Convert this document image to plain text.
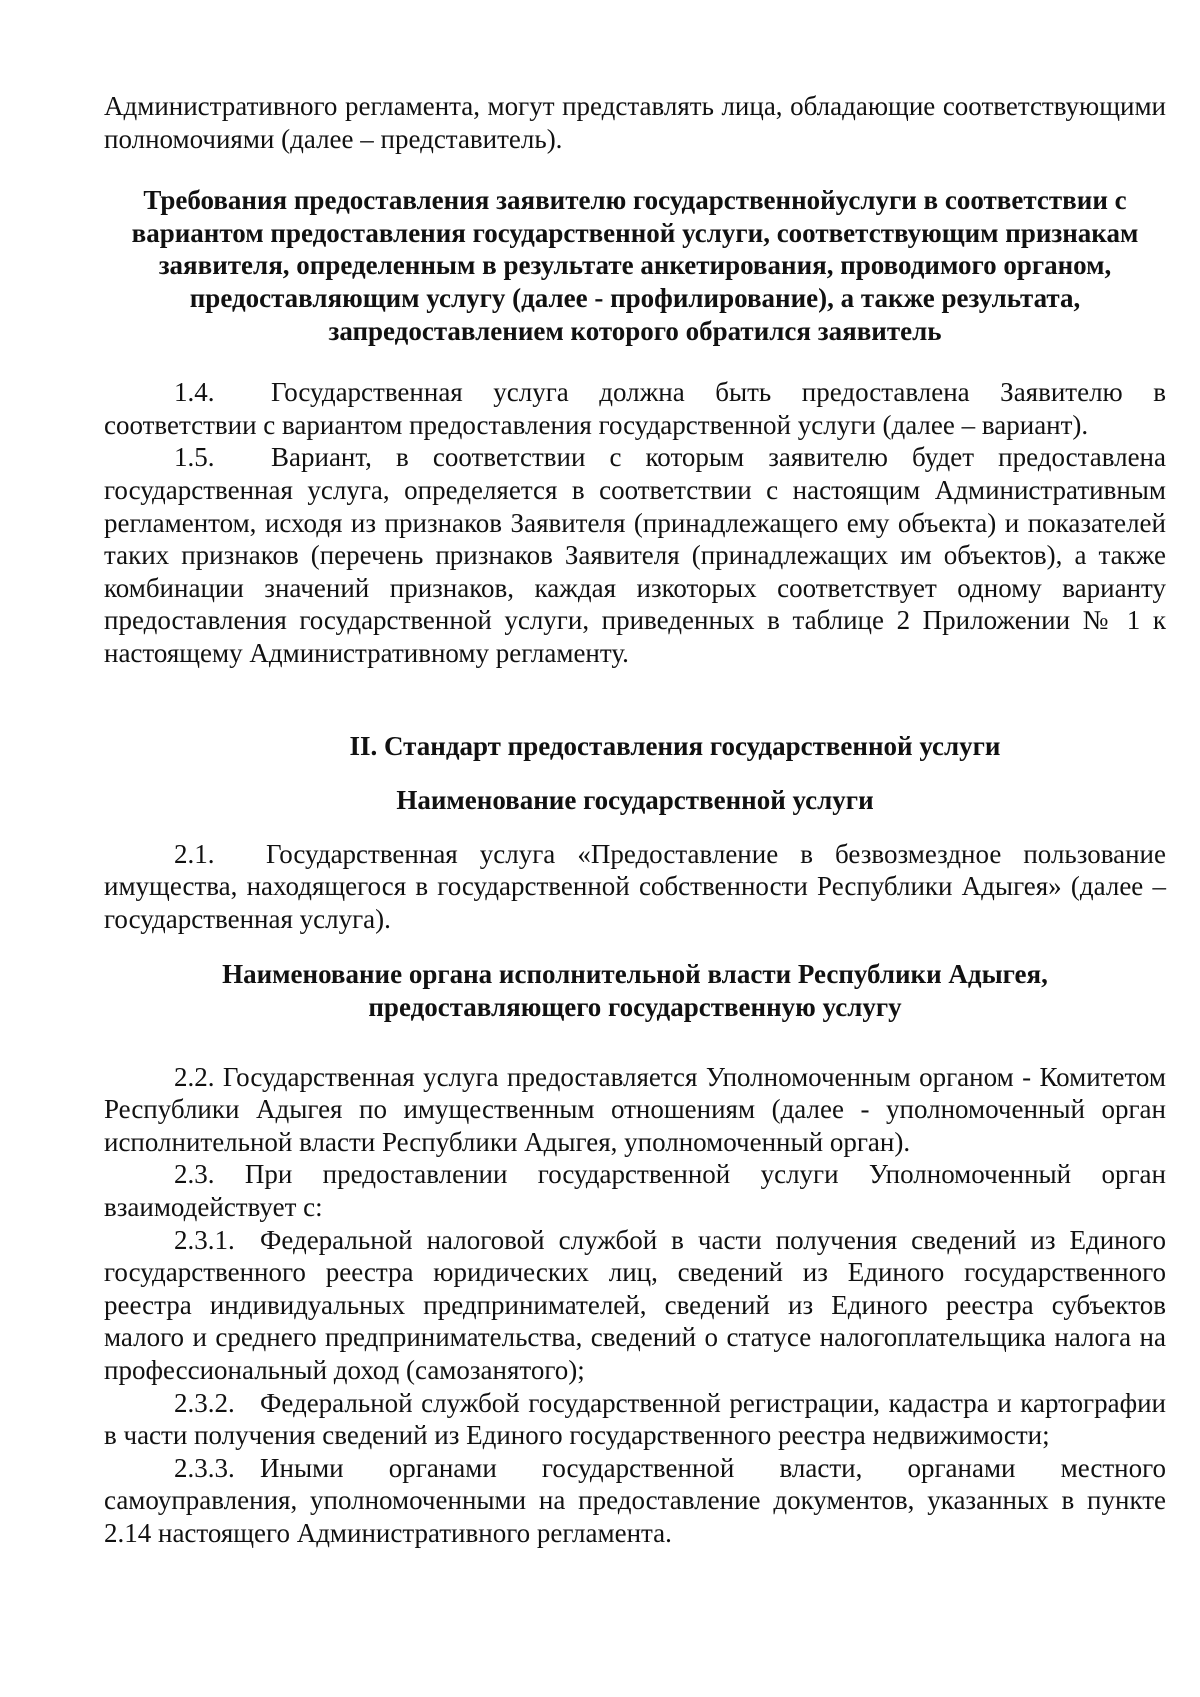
Административного регламента, могут представлять лица, обладающие соответствующими полномочиями (далее – представитель).

Требования предоставления заявителю государственнойуслуги в соответствии с вариантом предоставления государственной услуги, соответствующим признакам заявителя, определенным в результате анкетирования, проводимого органом, предоставляющим услугу (далее - профилирование), а также результата, запредоставлением которого обратился заявитель

1.4. Государственная услуга должна быть предоставлена Заявителю в соответствии с вариантом предоставления государственной услуги (далее – вариант).

1.5. Вариант, в соответствии с которым заявителю будет предоставлена государственная услуга, определяется в соответствии с настоящим Административным регламентом, исходя из признаков Заявителя (принадлежащего ему объекта) и показателей таких признаков (перечень признаков Заявителя (принадлежащих им объектов), а также комбинации значений признаков, каждая изкоторых соответствует одному варианту предоставления государственной услуги, приведенных в таблице 2 Приложении № 1 к настоящему Административному регламенту.

II. Стандарт предоставления государственной услуги

Наименование государственной услуги

2.1. Государственная услуга «Предоставление в безвозмездное пользование имущества, находящегося в государственной собственности Республики Адыгея» (далее – государственная услуга).

Наименование органа исполнительной власти Республики Адыгея,
предоставляющего государственную услугу

2.2. Государственная услуга предоставляется Уполномоченным органом - Комитетом Республики Адыгея по имущественным отношениям (далее - уполномоченный орган исполнительной власти Республики Адыгея, уполномоченный орган).

2.3. При предоставлении государственной услуги Уполномоченный орган взаимодействует с:

2.3.1. Федеральной налоговой службой в части получения сведений из Единого государственного реестра юридических лиц, сведений из Единого государственного реестра индивидуальных предпринимателей, сведений из Единого реестра субъектов малого и среднего предпринимательства, сведений о статусе налогоплательщика налога на профессиональный доход (самозанятого);

2.3.2. Федеральной службой государственной регистрации, кадастра и картографии в части получения сведений из Единого государственного реестра недвижимости;

2.3.3. Иными органами государственной власти, органами местного самоуправления, уполномоченными на предоставление документов, указанных в пункте 2.14 настоящего Административного регламента.
